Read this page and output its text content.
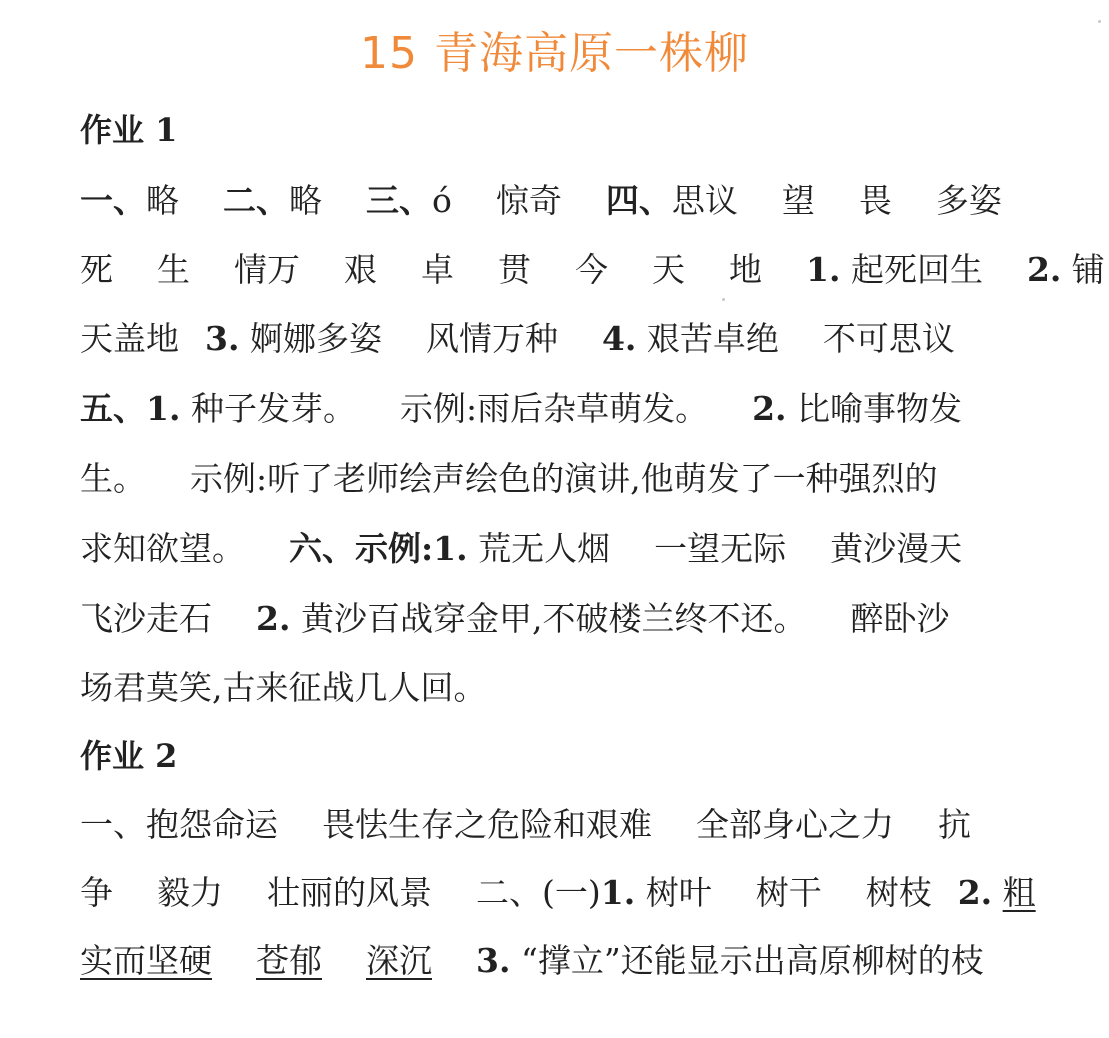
15 青海高原一株柳
作业 1
一、略 二、略 三、ó 惊奇 四、思议 望 畏 多姿
死 生 情万 艰 卓 贯 今 天 地 1. 起死回生 2. 铺
天盖地 3. 婀娜多姿 风情万种 4. 艰苦卓绝 不可思议
五、1. 种子发芽。 示例:雨后杂草萌发。 2. 比喻事物发
生。 示例:听了老师绘声绘色的演讲,他萌发了一种强烈的
求知欲望。 六、示例:1. 荒无人烟 一望无际 黄沙漫天
飞沙走石 2. 黄沙百战穿金甲,不破楼兰终不还。 醉卧沙
场君莫笑,古来征战几人回。
作业 2
一、抱怨命运 畏怯生存之危险和艰难 全部身心之力 抗
争 毅力 壮丽的风景 二、(一)1. 树叶 树干 树枝 2. 粗
实而坚硬 苍郁 深沉 3. “撑立”还能显示出高原柳树的枝
